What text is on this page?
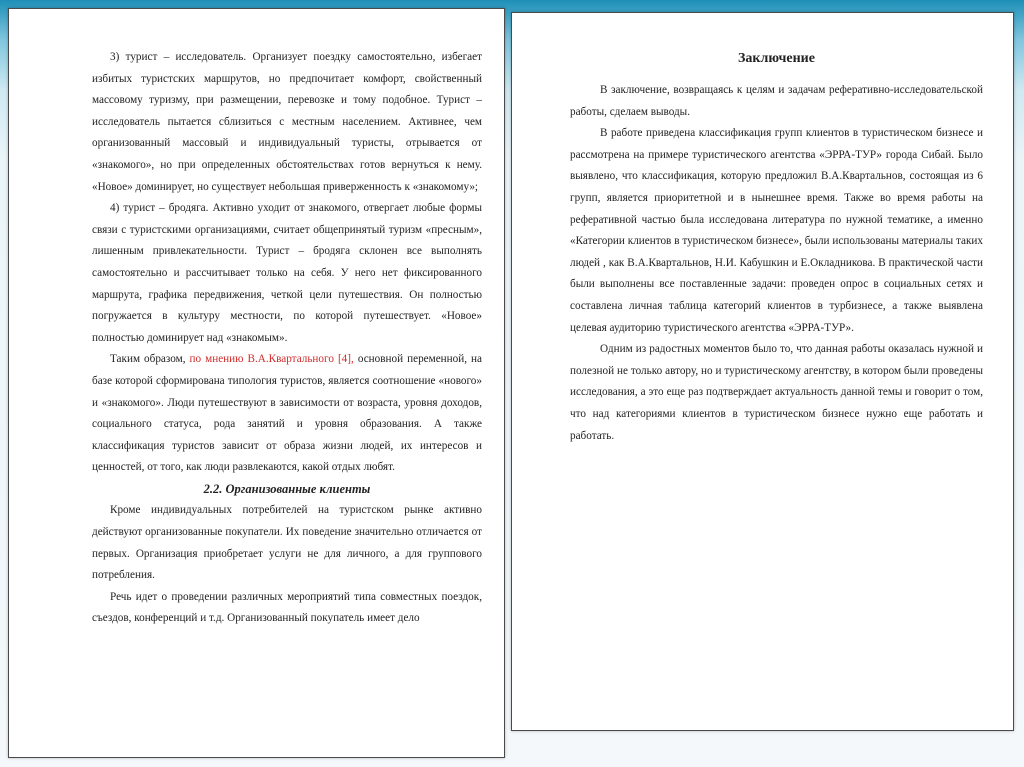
3) турист – исследователь. Организует поездку самостоятельно, избегает избитых туристских маршрутов, но предпочитает комфорт, свойственный массовому туризму, при размещении, перевозке и тому подобное. Турист – исследователь пытается сблизиться с местным населением. Активнее, чем организованный массовый и индивидуальный туристы, отрывается от «знакомого», но при определенных обстоятельствах готов вернуться к нему. «Новое» доминирует, но существует небольшая приверженность к «знакомому»;

4) турист – бродяга. Активно уходит от знакомого, отвергает любые формы связи с туристскими организациями, считает общепринятый туризм «пресным», лишенным привлекательности. Турист – бродяга склонен все выполнять самостоятельно и рассчитывает только на себя. У него нет фиксированного маршрута, графика передвижения, четкой цели путешествия. Он полностью погружается в культуру местности, по которой путешествует. «Новое» полностью доминирует над «знакомым».

Таким образом, по мнению В.А.Квартального [4], основной переменной, на базе которой сформирована типология туристов, является соотношение «нового» и «знакомого». Люди путешествуют в зависимости от возраста, уровня доходов, социального статуса, рода занятий и уровня образования. А также классификация туристов зависит от образа жизни людей, их интересов и ценностей, от того, как люди развлекаются, какой отдых любят.

2.2. Организованные клиенты

Кроме индивидуальных потребителей на туристском рынке активно действуют организованные покупатели. Их поведение значительно отличается от первых. Организация приобретает услуги не для личного, а для группового потребления.

Речь идет о проведении различных мероприятий типа совместных поездок, съездов, конференций и т.д. Организованный покупатель имеет дело

Заключение

В заключение, возвращаясь к целям и задачам реферативно-исследовательской работы, сделаем выводы.

В работе приведена классификация групп клиентов в туристическом бизнесе и рассмотрена на примере туристического агентства «ЭРРА-ТУР» города Сибай. Было выявлено, что классификация, которую предложил В.А.Квартальнов, состоящая из 6 групп, является приоритетной и в нынешнее время. Также во время работы на реферативной частью была исследована литература по нужной тематике, а именно «Категории клиентов в туристическом бизнесе», были использованы материалы таких людей , как В.А.Квартальнов, Н.И. Кабушкин и Е.Окладникова. В практической части были выполнены все поставленные задачи: проведен опрос в социальных сетях и составлена личная таблица категорий клиентов в турбизнесе, а также выявлена целевая аудиторию туристического агентства «ЭРРА-ТУР».

Одним из радостных моментов было то, что данная работы оказалась нужной и полезной не только автору, но и туристическому агентству, в котором были проведены исследования, а это еще раз подтверждает актуальность данной темы и говорит о том, что над категориями клиентов в туристическом бизнесе нужно еще работать и работать.
